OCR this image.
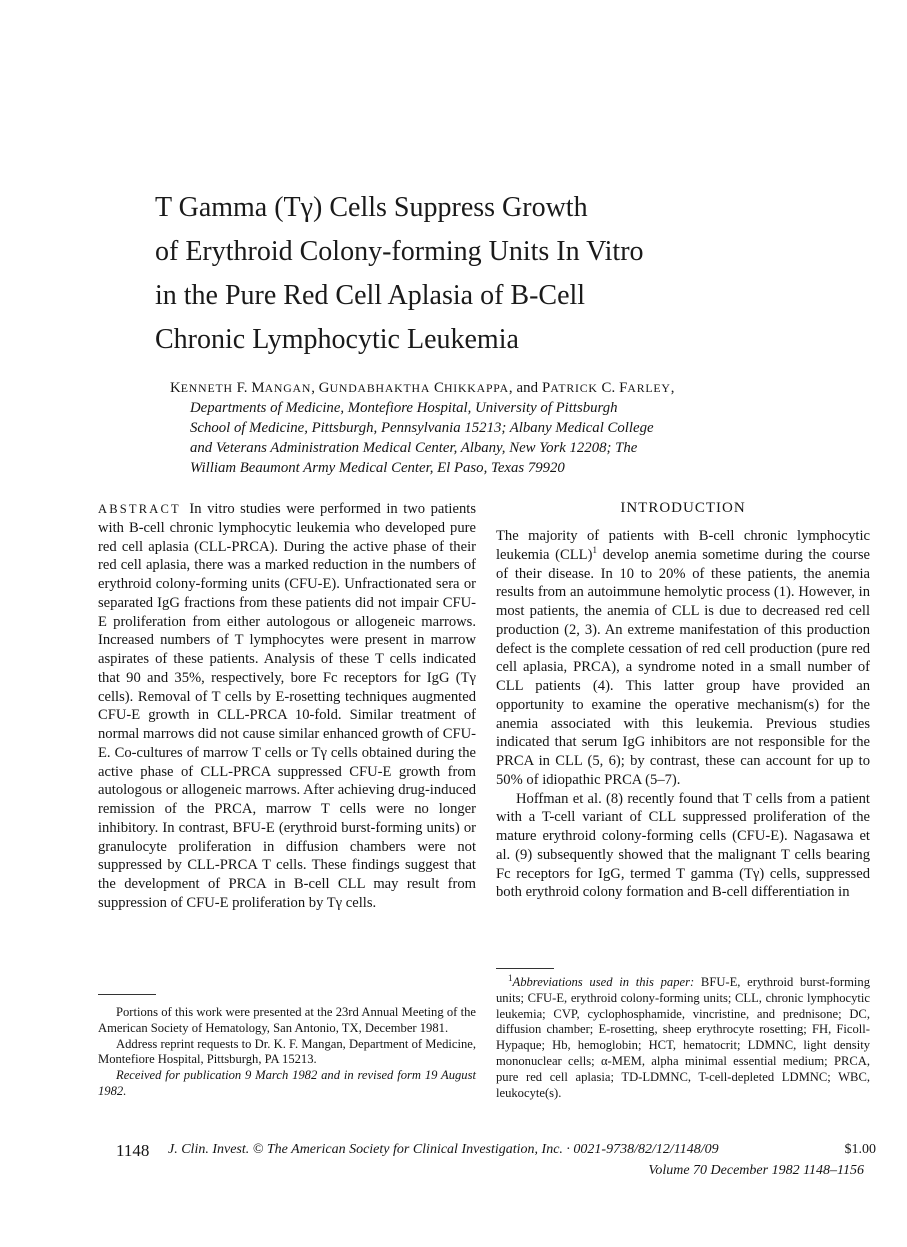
T Gamma (Tγ) Cells Suppress Growth
of Erythroid Colony-forming Units In Vitro
in the Pure Red Cell Aplasia of B-Cell
Chronic Lymphocytic Leukemia
KENNETH F. MANGAN, GUNDABHAKTHA CHIKKAPPA, and PATRICK C. FARLEY,
Departments of Medicine, Montefiore Hospital, University of Pittsburgh
School of Medicine, Pittsburgh, Pennsylvania 15213; Albany Medical College
and Veterans Administration Medical Center, Albany, New York 12208; The
William Beaumont Army Medical Center, El Paso, Texas 79920

ABSTRACT In vitro studies were performed in two patients with B-cell chronic lymphocytic leukemia who developed pure red cell aplasia (CLL-PRCA). During the active phase of their red cell aplasia, there was a marked reduction in the numbers of erythroid colony-forming units (CFU-E). Unfractionated sera or separated IgG fractions from these patients did not impair CFU-E proliferation from either autologous or allogeneic marrows. Increased numbers of T lymphocytes were present in marrow aspirates of these patients. Analysis of these T cells indicated that 90 and 35%, respectively, bore Fc receptors for IgG (Tγ cells). Removal of T cells by E-rosetting techniques augmented CFU-E growth in CLL-PRCA 10-fold. Similar treatment of normal marrows did not cause similar enhanced growth of CFU-E. Co-cultures of marrow T cells or Tγ cells obtained during the active phase of CLL-PRCA suppressed CFU-E growth from autologous or allogeneic marrows. After achieving drug-induced remission of the PRCA, marrow T cells were no longer inhibitory. In contrast, BFU-E (erythroid burst-forming units) or granulocyte proliferation in diffusion chambers were not suppressed by CLL-PRCA T cells. These findings suggest that the development of PRCA in B-cell CLL may result from suppression of CFU-E proliferation by Tγ cells.

Portions of this work were presented at the 23rd Annual Meeting of the American Society of Hematology, San Antonio, TX, December 1981.

Address reprint requests to Dr. K. F. Mangan, Department of Medicine, Montefiore Hospital, Pittsburgh, PA 15213.

Received for publication 9 March 1982 and in revised form 19 August 1982.

INTRODUCTION

The majority of patients with B-cell chronic lymphocytic leukemia (CLL)$^1$ develop anemia sometime during the course of their disease. In 10 to 20% of these patients, the anemia results from an autoimmune hemolytic process (1). However, in most patients, the anemia of CLL is due to decreased red cell production (2, 3). An extreme manifestation of this production defect is the complete cessation of red cell production (pure red cell aplasia, PRCA), a syndrome noted in a small number of CLL patients (4). This latter group have provided an opportunity to examine the operative mechanism(s) for the anemia associated with this leukemia. Previous studies indicated that serum IgG inhibitors are not responsible for the PRCA in CLL (5, 6); by contrast, these can account for up to 50% of idiopathic PRCA (5–7).

Hoffman et al. (8) recently found that T cells from a patient with a T-cell variant of CLL suppressed proliferation of the mature erythroid colony-forming cells (CFU-E). Nagasawa et al. (9) subsequently showed that the malignant T cells bearing Fc receptors for IgG, termed T gamma (Tγ) cells, suppressed both erythroid colony formation and B-cell differentiation in

$^1$Abbreviations used in this paper: BFU-E, erythroid burst-forming units; CFU-E, erythroid colony-forming units; CLL, chronic lymphocytic leukemia; CVP, cyclophosphamide, vincristine, and prednisone; DC, diffusion chamber; E-rosetting, sheep erythrocyte rosetting; FH, Ficoll-Hypaque; Hb, hemoglobin; HCT, hematocrit; LDMNC, light density mononuclear cells; α-MEM, alpha minimal essential medium; PRCA, pure red cell aplasia; TD-LDMNC, T-cell-depleted LDMNC; WBC, leukocyte(s).

1148 J. Clin. Invest. © The American Society for Clinical Investigation, Inc. · 0021-9738/82/12/1148/09	$1.00
Volume 70 December 1982 1148–1156
